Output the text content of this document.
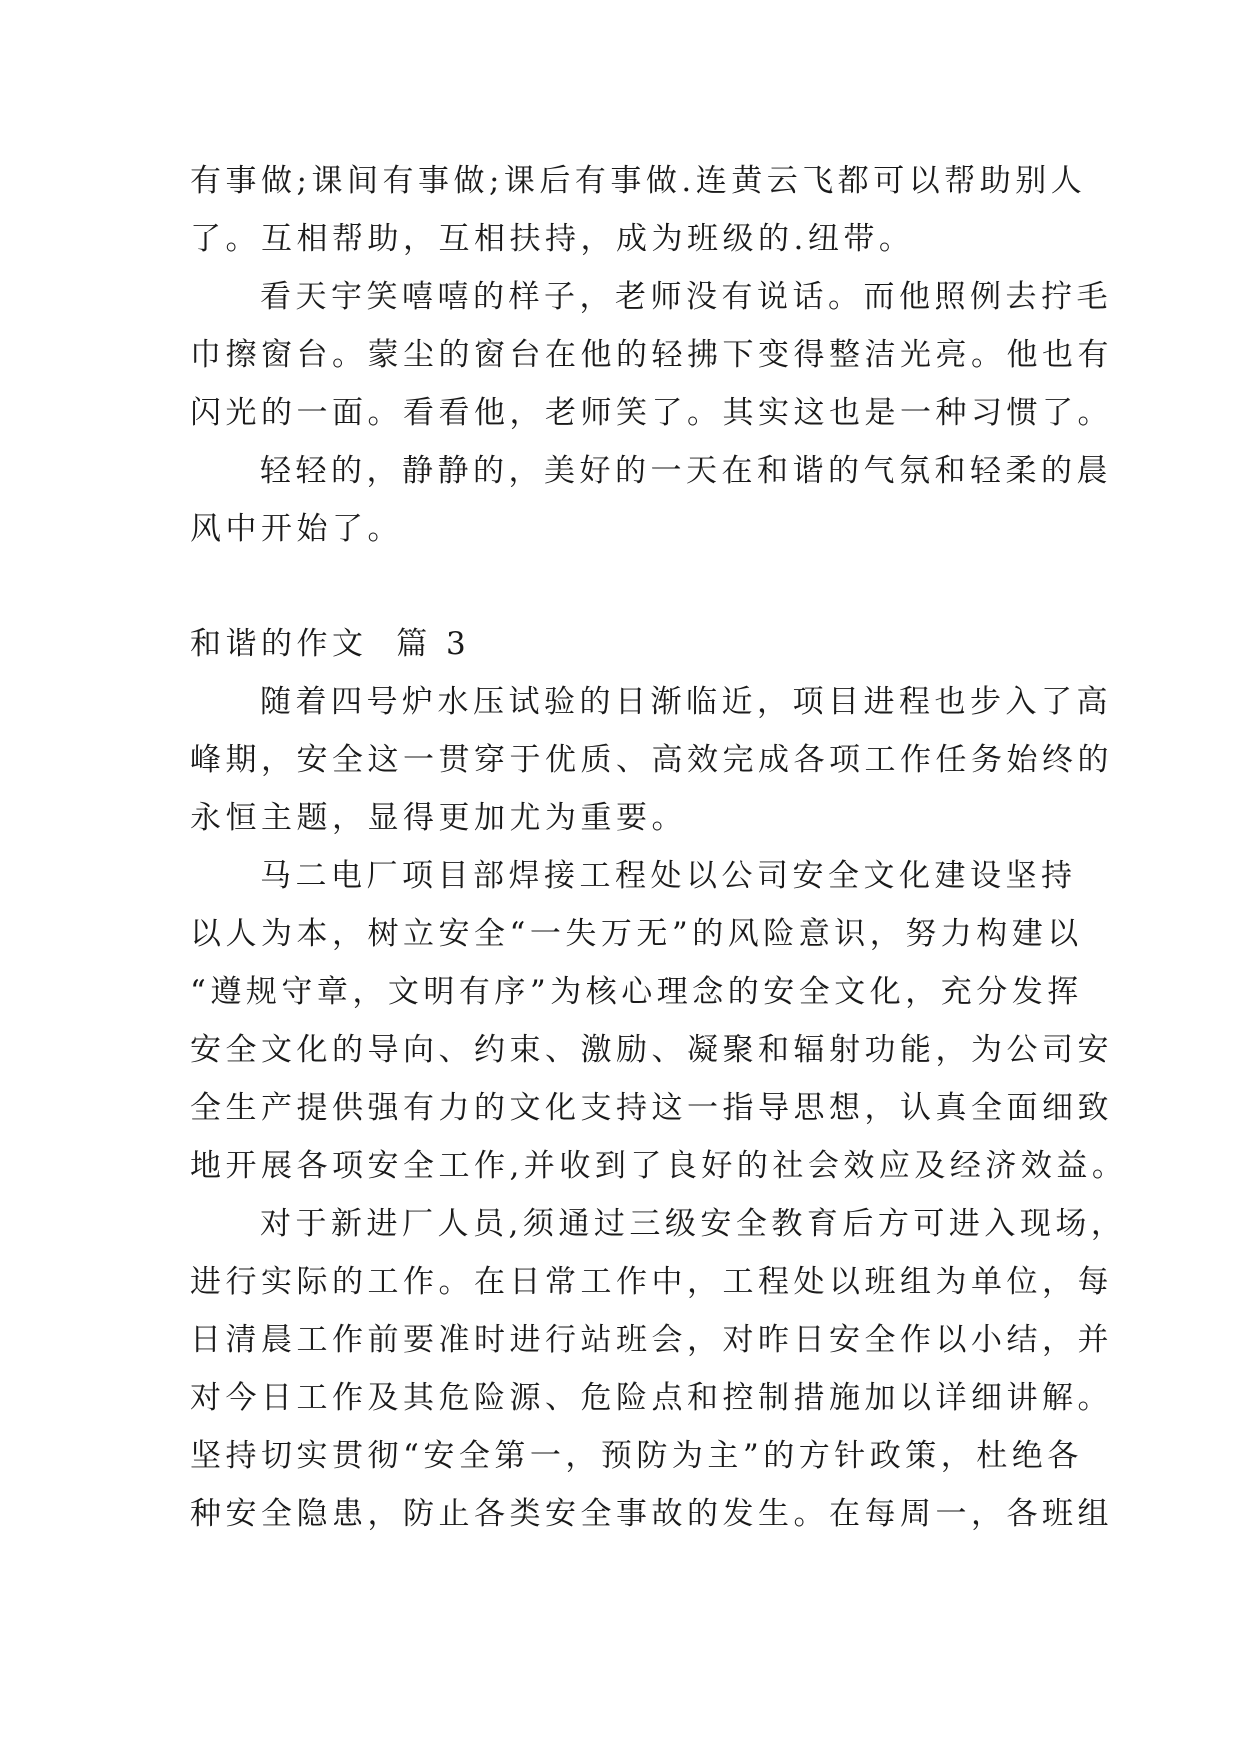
有事做;课间有事做;课后有事做.连黄云飞都可以帮助别人
了。互相帮助，互相扶持，成为班级的.纽带。
看天宇笑嘻嘻的样子，老师没有说话。而他照例去拧毛
巾擦窗台。蒙尘的窗台在他的轻拂下变得整洁光亮。他也有
闪光的一面。看看他，老师笑了。其实这也是一种习惯了。
轻轻的，静静的，美好的一天在和谐的气氛和轻柔的晨
风中开始了。
和谐的作文  篇 3
随着四号炉水压试验的日渐临近，项目进程也步入了高
峰期，安全这一贯穿于优质、高效完成各项工作任务始终的
永恒主题，显得更加尤为重要。
马二电厂项目部焊接工程处以公司安全文化建设坚持
以人为本，树立安全“一失万无”的风险意识，努力构建以
“遵规守章，文明有序”为核心理念的安全文化，充分发挥
安全文化的导向、约束、激励、凝聚和辐射功能，为公司安
全生产提供强有力的文化支持这一指导思想，认真全面细致
地开展各项安全工作,并收到了良好的社会效应及经济效益。
对于新进厂人员,须通过三级安全教育后方可进入现场，
进行实际的工作。在日常工作中，工程处以班组为单位，每
日清晨工作前要准时进行站班会，对昨日安全作以小结，并
对今日工作及其危险源、危险点和控制措施加以详细讲解。
坚持切实贯彻“安全第一，预防为主”的方针政策，杜绝各
种安全隐患，防止各类安全事故的发生。在每周一，各班组
